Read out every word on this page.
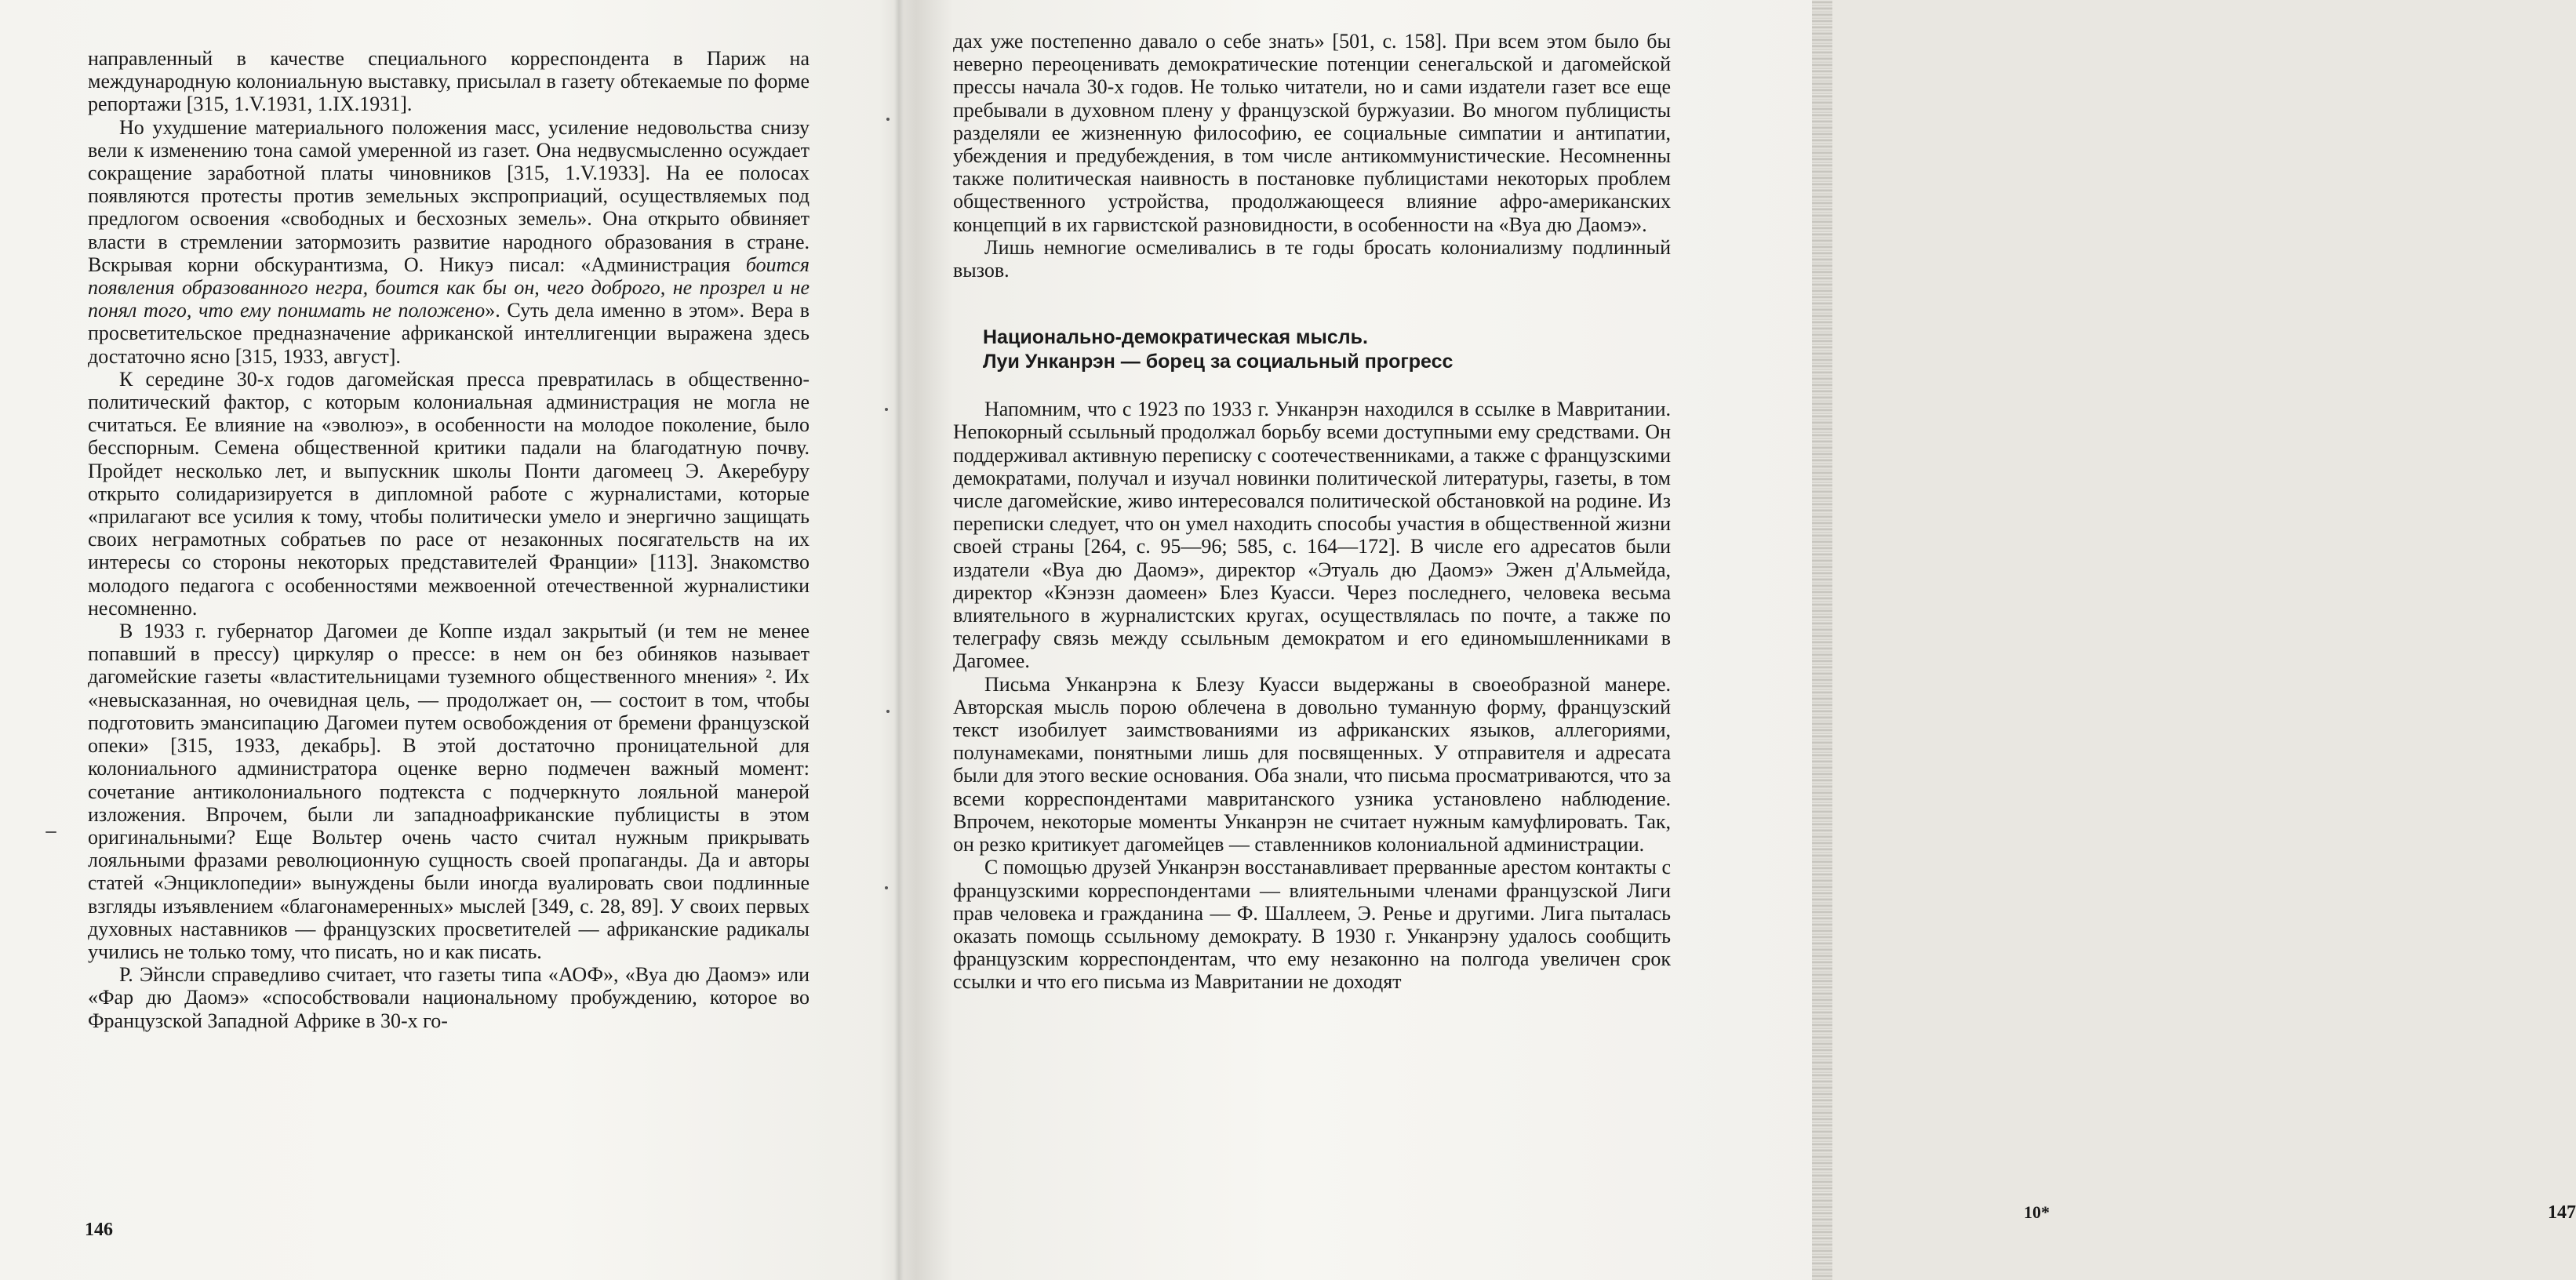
направленный в качестве специального корреспондента в Париж на международную колониальную выставку, присылал в газету обтекаемые по форме репортажи [315, 1.V.1931, 1.IX.1931].

Но ухудшение материального положения масс, усиление недовольства снизу вели к изменению тона самой умеренной из газет. Она недвусмысленно осуждает сокращение заработной платы чиновников [315, 1.V.1933]. На ее полосах появляются протесты против земельных экспроприаций, осуществляемых под предлогом освоения «свободных и бесхозных земель». Она открыто обвиняет власти в стремлении затормозить развитие народного образования в стране. Вскрывая корни обскурантизма, О. Никуэ писал: «Администрация боится появления образованного негра, боится как бы он, чего доброго, не прозрел и не понял того, что ему понимать не положено». Суть дела именно в этом». Вера в просветительское предназначение африканской интеллигенции выражена здесь достаточно ясно [315, 1933, август].

К середине 30-х годов дагомейская пресса превратилась в общественно-политический фактор, с которым колониальная администрация не могла не считаться. Ее влияние на «эволюэ», в особенности на молодое поколение, было бесспорным. Семена общественной критики падали на благодатную почву. Пройдет несколько лет, и выпускник школы Понти дагомеец Э. Акеребуру открыто солидаризируется в дипломной работе с журналистами, которые «прилагают все усилия к тому, чтобы политически умело и энергично защищать своих неграмотных собратьев по расе от незаконных посягательств на их интересы со стороны некоторых представителей Франции» [113]. Знакомство молодого педагога с особенностями межвоенной отечественной журналистики несомненно.

В 1933 г. губернатор Дагомеи де Коппе издал закрытый (и тем не менее попавший в прессу) циркуляр о прессе: в нем он без обиняков называет дагомейские газеты «властительницами туземного общественного мнения» ². Их «невысказанная, но очевидная цель, — продолжает он, — состоит в том, чтобы подготовить эмансипацию Дагомеи путем освобождения от бремени французской опеки» [315, 1933, декабрь]. В этой достаточно проницательной для колониального администратора оценке верно подмечен важный момент: сочетание антиколониального подтекста с подчеркнуто лояльной манерой изложения. Впрочем, были ли западноафриканские публицисты в этом оригинальными? Еще Вольтер очень часто считал нужным прикрывать лояльными фразами революционную сущность своей пропаганды. Да и авторы статей «Энциклопедии» вынуждены были иногда вуалировать свои подлинные взгляды изъявлением «благонамеренных» мыслей [349, с. 28, 89]. У своих первых духовных наставников — французских просветителей — африканские радикалы учились не только тому, что писать, но и как писать.

Р. Эйнсли справедливо считает, что газеты типа «АОФ», «Вуа дю Даомэ» или «Фар дю Даомэ» «способствовали национальному пробуждению, которое во Французской Западной Африке в 30-х го-

146
10*	147

дах уже постепенно давало о себе знать» [501, с. 158]. При всем этом было бы неверно переоценивать демократические потенции сенегальской и дагомейской прессы начала 30-х годов. Не только читатели, но и сами издатели газет все еще пребывали в духовном плену у французской буржуазии. Во многом публицисты разделяли ее жизненную философию, ее социальные симпатии и антипатии, убеждения и предубеждения, в том числе антикоммунистические. Несомненны также политическая наивность в постановке публицистами некоторых проблем общественного устройства, продолжающееся влияние афро-американских концепций в их гарвистской разновидности, в особенности на «Вуа дю Даомэ».

Лишь немногие осмеливались в те годы бросать колониализму подлинный вызов.

Национально-демократическая мысль.
Луи Унканрэн — борец за социальный прогресс

Напомним, что с 1923 по 1933 г. Унканрэн находился в ссылке в Мавритании. Непокорный ссыльный продолжал борьбу всеми доступными ему средствами. Он поддерживал активную переписку с соотечественниками, а также с французскими демократами, получал и изучал новинки политической литературы, газеты, в том числе дагомейские, живо интересовался политической обстановкой на родине. Из переписки следует, что он умел находить способы участия в общественной жизни своей страны [264, с. 95—96; 585, с. 164—172]. В числе его адресатов были издатели «Вуа дю Даомэ», директор «Этуаль дю Даомэ» Эжен д'Альмейда, директор «Кэнэзн даомеен» Блез Куасси. Через последнего, человека весьма влиятельного в журналистских кругах, осуществлялась по почте, а также по телеграфу связь между ссыльным демократом и его единомышленниками в Дагомее.

Письма Унканрэна к Блезу Куасси выдержаны в своеобразной манере. Авторская мысль порою облечена в довольно туманную форму, французский текст изобилует заимствованиями из африканских языков, аллегориями, полунамеками, понятными лишь для посвященных. У отправителя и адресата были для этого веские основания. Оба знали, что письма просматриваются, что за всеми корреспондентами мавританского узника установлено наблюдение. Впрочем, некоторые моменты Унканрэн не считает нужным камуфлировать. Так, он резко критикует дагомейцев — ставленников колониальной администрации.

С помощью друзей Унканрэн восстанавливает прерванные арестом контакты с французскими корреспондентами — влиятельными членами французской Лиги прав человека и гражданина — Ф. Шаллеем, Э. Ренье и другими. Лига пыталась оказать помощь ссыльному демократу. В 1930 г. Унканрэну удалось сообщить французским корреспондентам, что ему незаконно на полгода увеличен срок ссылки и что его письма из Мавритании не доходят
